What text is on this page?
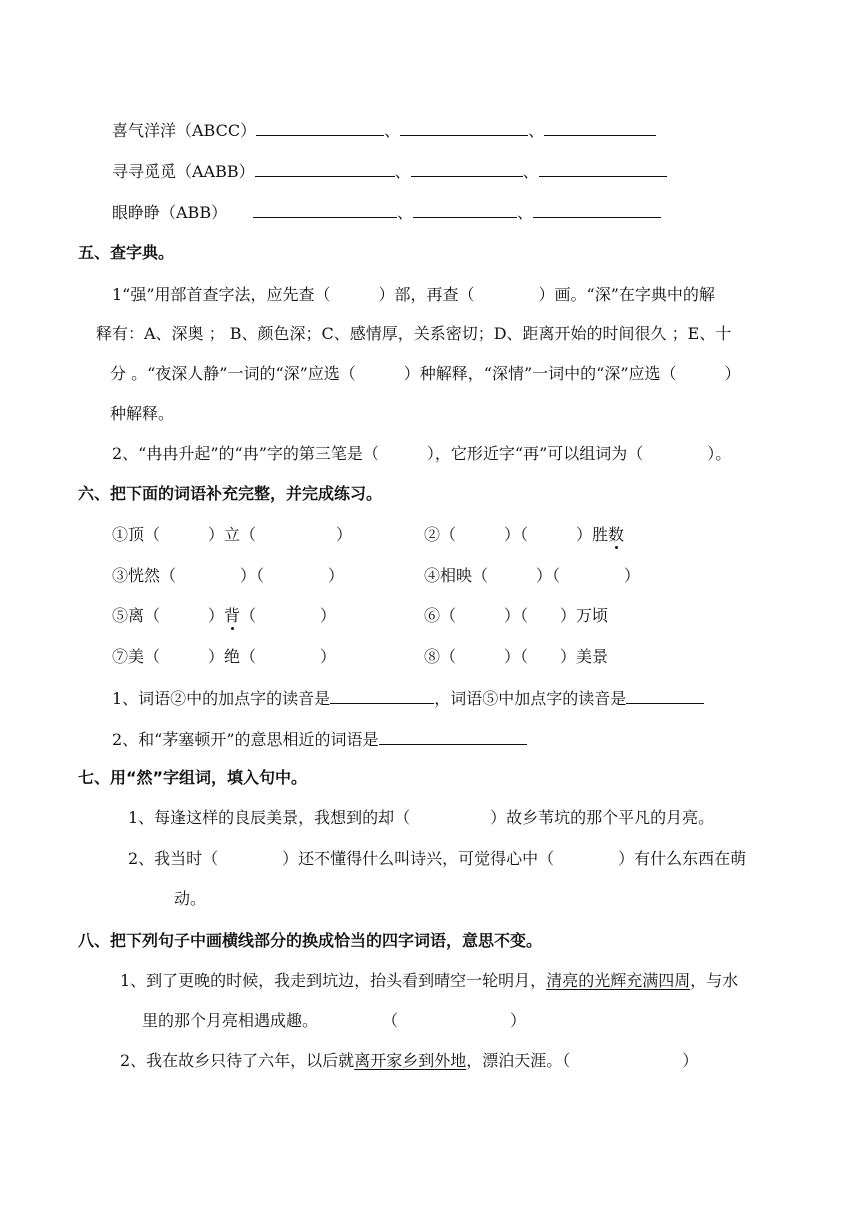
喜气洋洋（ABCC）	、	、
寻寻觅觅（AABB）	、	、
眼睁睁（ABB）	、	、
五、查字典。
1“强”用部首查字法，应先查（　　　）部，再查（　　　　）画。“深”在字典中的解
释有：A、深奥 ； B、颜色深；C、感情厚，关系密切；D、距离开始的时间很久 ；E、十
分 。“夜深人静”一词的“深”应选（　　　）种解释，“深情”一词中的“深”应选（　　　）
种解释。
2、“冉冉升起”的“冉”字的第三笔是（　　　），它形近字“再”可以组词为（　　　　）。
六、把下面的词语补充完整，并完成练习。
①顶（　　　）立（　　　　　）	②（　　　）（　　　）胜数
③恍然（　　　　）（　　　　）	④相映（　　　）（　　　　）
⑤离（　　　）背（　　　　）	⑥（　　　）（　　）万顷
⑦美（　　　）绝（　　　　）	⑧（　　　）（　　）美景
1、词语②中的加点字的读音是	，词语⑤中加点字的读音是
2、和“茅塞顿开”的意思相近的词语是
七、用“然”字组词，填入句中。
1、每逢这样的良辰美景，我想到的却（　　　　　）故乡苇坑的那个平凡的月亮。
2、我当时（　　　　）还不懂得什么叫诗兴，可觉得心中（　　　　）有什么东西在萌
动。
八、把下列句子中画横线部分的换成恰当的四字词语，意思不变。
1、到了更晚的时候，我走到坑边，抬头看到晴空一轮明月，清亮的光辉充满四周，与水
里的那个月亮相遇成趣。　　　　　（　　　　　　　）
2、我在故乡只待了六年，以后就离开家乡到外地，漂泊天涯。（　　　　　　　）
